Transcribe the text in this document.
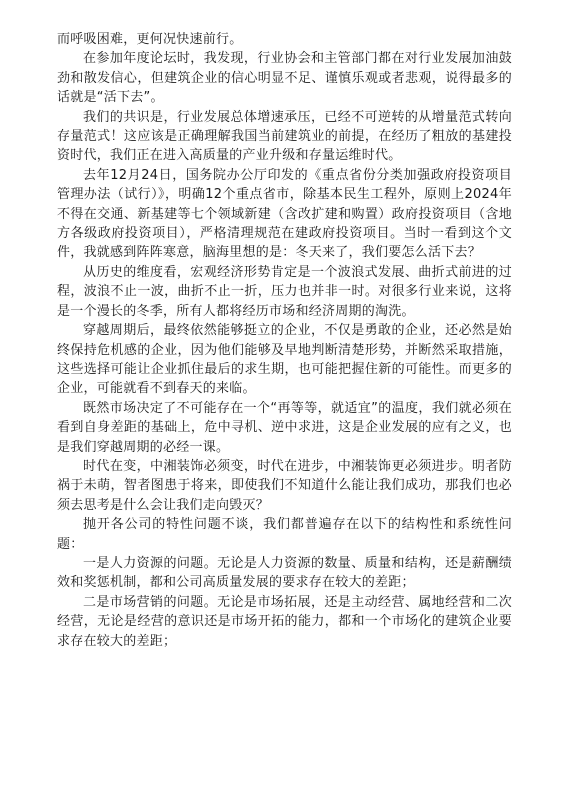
而呼吸困难，更何况快速前行。

在参加年度论坛时，我发现，行业协会和主管部门都在对行业发展加油鼓劲和散发信心，但建筑企业的信心明显不足、谨慎乐观或者悲观，说得最多的话就是“活下去”。

我们的共识是，行业发展总体增速承压，已经不可逆转的从增量范式转向存量范式！这应该是正确理解我国当前建筑业的前提，在经历了粗放的基建投资时代，我们正在进入高质量的产业升级和存量运维时代。

去年12月24日，国务院办公厅印发的《重点省份分类加强政府投资项目管理办法（试行）》，明确12个重点省市，除基本民生工程外，原则上2024年不得在交通、新基建等七个领域新建（含改扩建和购置）政府投资项目（含地方各级政府投资项目），严格清理规范在建政府投资项目。当时一看到这个文件，我就感到阵阵寒意，脑海里想的是：冬天来了，我们要怎么活下去？

从历史的维度看，宏观经济形势肯定是一个波浪式发展、曲折式前进的过程，波浪不止一波，曲折不止一折，压力也并非一时。对很多行业来说，这将是一个漫长的冬季，所有人都将经历市场和经济周期的淘洗。

穿越周期后，最终依然能够挺立的企业，不仅是勇敢的企业，还必然是始终保持危机感的企业，因为他们能够及早地判断清楚形势，并断然采取措施，这些选择可能让企业抓住最后的求生期，也可能把握住新的可能性。而更多的企业，可能就看不到春天的来临。

既然市场决定了不可能存在一个“再等等，就适宜”的温度，我们就必须在看到自身差距的基础上，危中寻机、逆中求进，这是企业发展的应有之义，也是我们穿越周期的必经一课。

时代在变，中湘装饰必须变，时代在进步，中湘装饰更必须进步。明者防祸于未萌，智者图患于将来，即使我们不知道什么能让我们成功，那我们也必须去思考是什么会让我们走向毁灭？

抛开各公司的特性问题不谈，我们都普遍存在以下的结构性和系统性问题：

一是人力资源的问题。无论是人力资源的数量、质量和结构，还是薪酬绩效和奖惩机制，都和公司高质量发展的要求存在较大的差距；

二是市场营销的问题。无论是市场拓展，还是主动经营、属地经营和二次经营，无论是经营的意识还是市场开拓的能力，都和一个市场化的建筑企业要求存在较大的差距；
